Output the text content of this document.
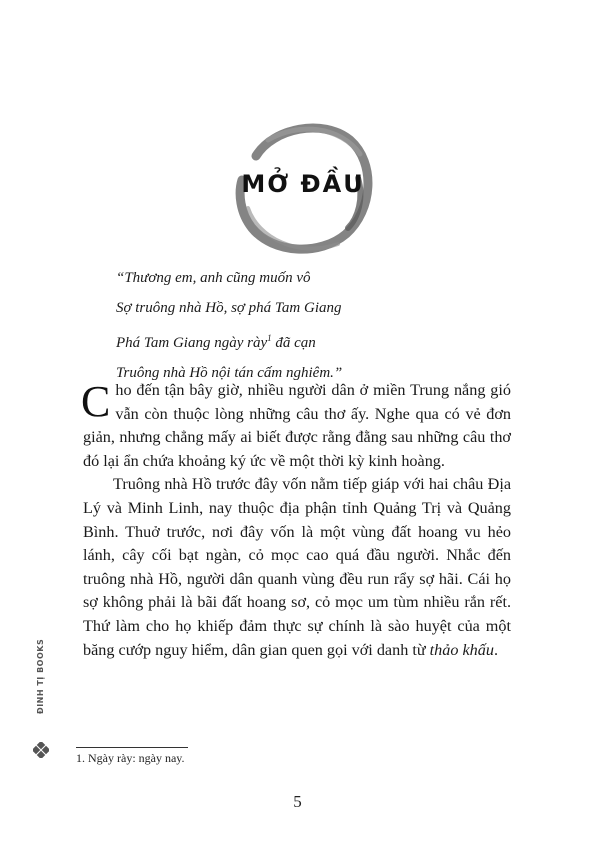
MỞ ĐẦU
“Thương em, anh cũng muốn vô
Sợ truông nhà Hồ, sợ phá Tam Giang
Phá Tam Giang ngày rày$^1$ đã cạn
Truông nhà Hồ nội tán cấm nghiêm.”

Cho đến tận bây giờ, nhiều người dân ở miền Trung nắng gió vẫn còn thuộc lòng những câu thơ ấy. Nghe qua có vẻ đơn giản, nhưng chẳng mấy ai biết được rằng đằng sau những câu thơ đó lại ẩn chứa khoảng ký ức về một thời kỳ kinh hoàng.

Truông nhà Hồ trước đây vốn nằm tiếp giáp với hai châu Địa Lý và Minh Linh, nay thuộc địa phận tỉnh Quảng Trị và Quảng Bình. Thuở trước, nơi đây vốn là một vùng đất hoang vu hẻo lánh, cây cối bạt ngàn, cỏ mọc cao quá đầu người. Nhắc đến truông nhà Hồ, người dân quanh vùng đều run rẩy sợ hãi. Cái họ sợ không phải là bãi đất hoang sơ, cỏ mọc um tùm nhiều rắn rết. Thứ làm cho họ khiếp đảm thực sự chính là sào huyệt của một băng cướp nguy hiểm, dân gian quen gọi với danh từ thảo khấu.

1. Ngày rày: ngày nay.
5
ĐINH TỊ BOOKS
